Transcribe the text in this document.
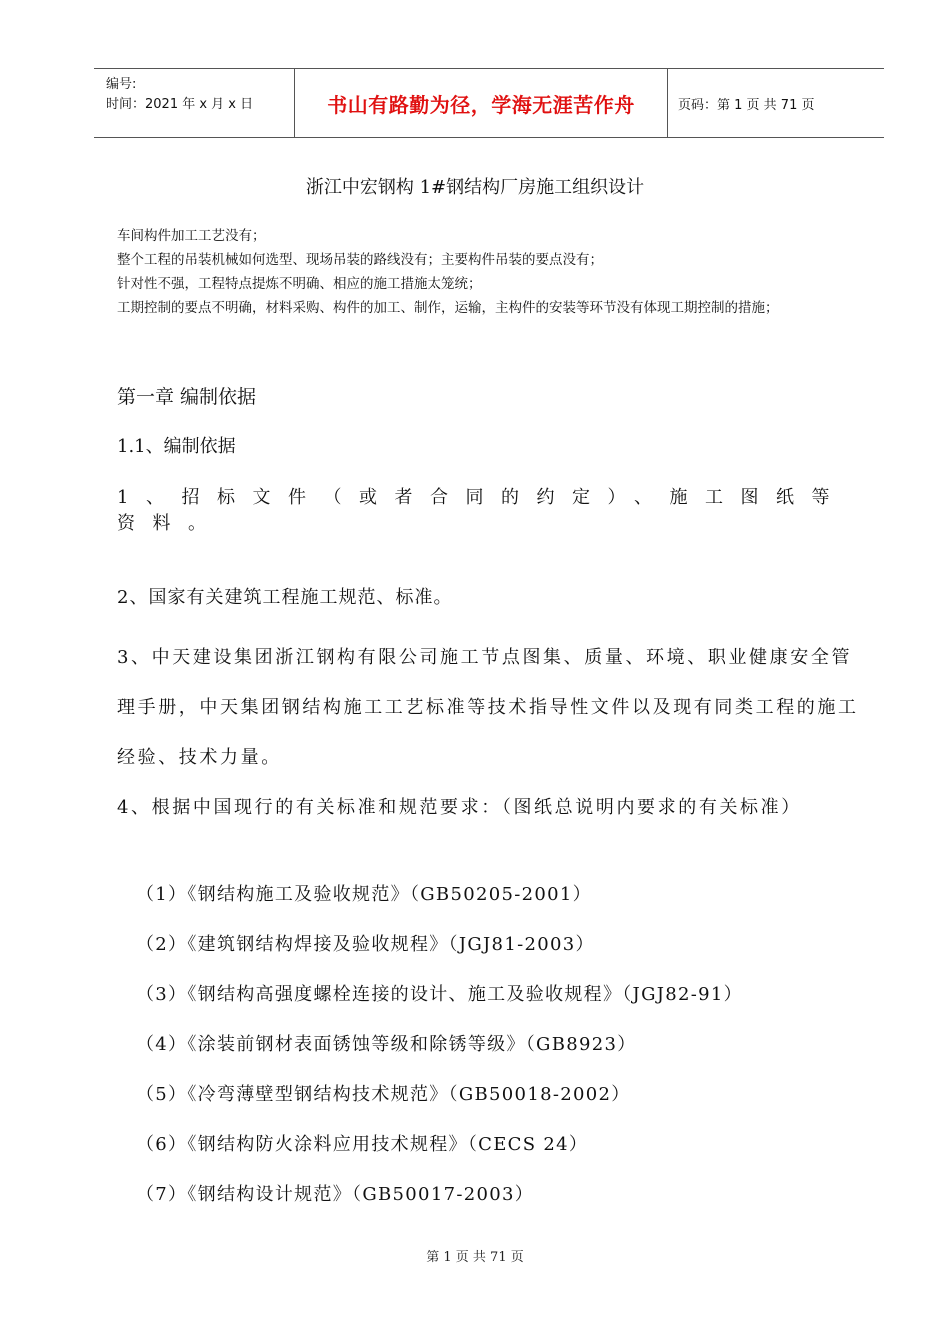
编号:
时间：2021 年 x 月 x 日	书山有路勤为径，学海无涯苦作舟	页码：第 1 页 共 71 页
浙江中宏钢构 1#钢结构厂房施工组织设计
车间构件加工工艺没有；
整个工程的吊装机械如何选型、现场吊装的路线没有；主要构件吊装的要点没有；
针对性不强，工程特点提炼不明确、相应的施工措施太笼统；
工期控制的要点不明确，材料采购、构件的加工、制作，运输，主构件的安装等环节没有体现工期控制的措施；
第一章 编制依据
1.1、编制依据
1、招标文件（或者合同的约定）、施工图纸等资料。
2、国家有关建筑工程施工规范、标准。
3、中天建设集团浙江钢构有限公司施工节点图集、质量、环境、职业健康安全管理手册，中天集团钢结构施工工艺标准等技术指导性文件以及现有同类工程的施工经验、技术力量。
4、根据中国现行的有关标准和规范要求：（图纸总说明内要求的有关标准）
（1）《钢结构施工及验收规范》（GB50205-2001）
（2）《建筑钢结构焊接及验收规程》（JGJ81-2003）
（3）《钢结构高强度螺栓连接的设计、施工及验收规程》（JGJ82-91）
（4）《涂装前钢材表面锈蚀等级和除锈等级》（GB8923）
（5）《冷弯薄壁型钢结构技术规范》（GB50018-2002）
（6）《钢结构防火涂料应用技术规程》（CECS 24）
（7）《钢结构设计规范》（GB50017-2003）
第 1 页 共 71 页
